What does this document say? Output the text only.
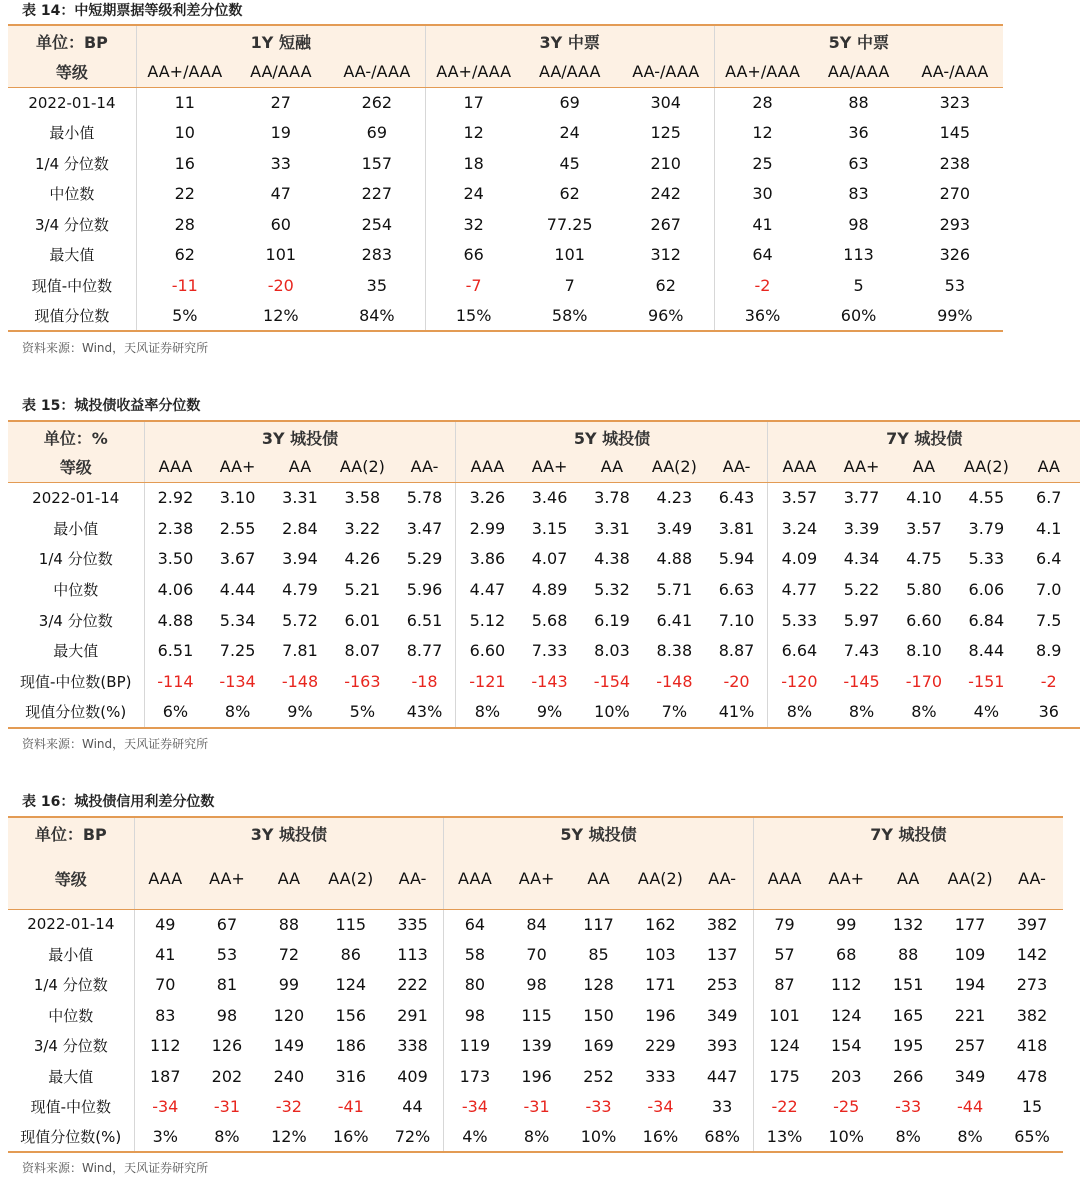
表 14：中短期票据等级利差分位数
单位：BP	1Y 短融			3Y 中票			5Y 中票		
等级	AA+/AAA	AA/AAA	AA-/AAA	AA+/AAA	AA/AAA	AA-/AAA	AA+/AAA	AA/AAA	AA-/AAA
2022-01-14	11	27	262	17	69	304	28	88	323
最小值	10	19	69	12	24	125	12	36	145
1/4 分位数	16	33	157	18	45	210	25	63	238
中位数	22	47	227	24	62	242	30	83	270
3/4 分位数	28	60	254	32	77.25	267	41	98	293
最大值	62	101	283	66	101	312	64	113	326
现值-中位数	-11	-20	35	-7	7	62	-2	5	53
现值分位数	5%	12%	84%	15%	58%	96%	36%	60%	99%
资料来源：Wind，天风证券研究所
表 15：城投债收益率分位数
单位：%	3Y 城投债					5Y 城投债					7Y 城投债				
等级	AAA	AA+	AA	AA(2)	AA-	AAA	AA+	AA	AA(2)	AA-	AAA	AA+	AA	AA(2)	AA
2022-01-14	2.92	3.10	3.31	3.58	5.78	3.26	3.46	3.78	4.23	6.43	3.57	3.77	4.10	4.55	6.7
最小值	2.38	2.55	2.84	3.22	3.47	2.99	3.15	3.31	3.49	3.81	3.24	3.39	3.57	3.79	4.1
1/4 分位数	3.50	3.67	3.94	4.26	5.29	3.86	4.07	4.38	4.88	5.94	4.09	4.34	4.75	5.33	6.4
中位数	4.06	4.44	4.79	5.21	5.96	4.47	4.89	5.32	5.71	6.63	4.77	5.22	5.80	6.06	7.0
3/4 分位数	4.88	5.34	5.72	6.01	6.51	5.12	5.68	6.19	6.41	7.10	5.33	5.97	6.60	6.84	7.5
最大值	6.51	7.25	7.81	8.07	8.77	6.60	7.33	8.03	8.38	8.87	6.64	7.43	8.10	8.44	8.9
现值-中位数(BP)	-114	-134	-148	-163	-18	-121	-143	-154	-148	-20	-120	-145	-170	-151	-2
现值分位数(%)	6%	8%	9%	5%	43%	8%	9%	10%	7%	41%	8%	8%	8%	4%	36
资料来源：Wind，天风证券研究所
表 16：城投债信用利差分位数
单位：BP	3Y 城投债					5Y 城投债					7Y 城投债				
等级	AAA	AA+	AA	AA(2)	AA-	AAA	AA+	AA	AA(2)	AA-	AAA	AA+	AA	AA(2)	AA-
2022-01-14	49	67	88	115	335	64	84	117	162	382	79	99	132	177	397
最小值	41	53	72	86	113	58	70	85	103	137	57	68	88	109	142
1/4 分位数	70	81	99	124	222	80	98	128	171	253	87	112	151	194	273
中位数	83	98	120	156	291	98	115	150	196	349	101	124	165	221	382
3/4 分位数	112	126	149	186	338	119	139	169	229	393	124	154	195	257	418
最大值	187	202	240	316	409	173	196	252	333	447	175	203	266	349	478
现值-中位数	-34	-31	-32	-41	44	-34	-31	-33	-34	33	-22	-25	-33	-44	15
现值分位数(%)	3%	8%	12%	16%	72%	4%	8%	10%	16%	68%	13%	10%	8%	8%	65%
资料来源：Wind，天风证券研究所
